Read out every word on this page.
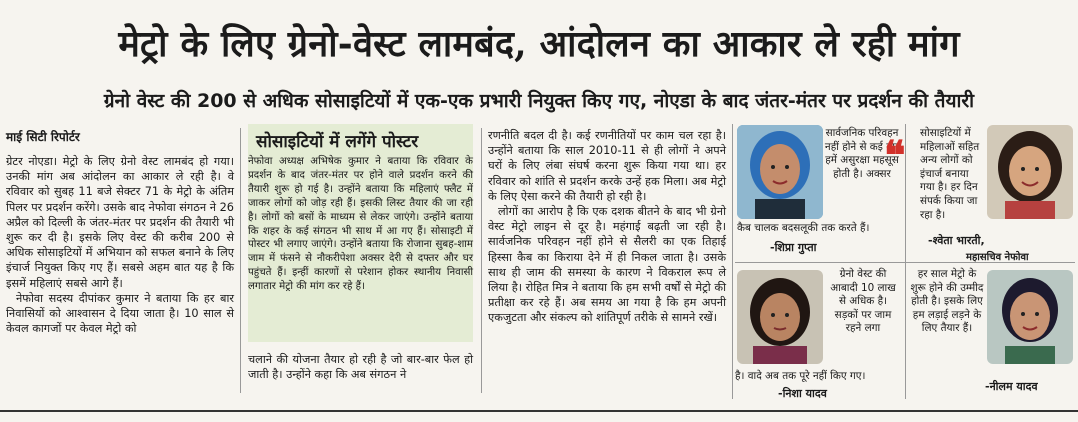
मेट्रो के लिए ग्रेनो-वेस्ट लामबंद, आंदोलन का आकार ले रही मांग
ग्रेनो वेस्ट की 200 से अधिक सोसाइटियों में एक-एक प्रभारी नियुक्त किए गए, नोएडा के बाद जंतर-मंतर पर प्रदर्शन की तैयारी
माई सिटी रिपोर्टर

ग्रेटर नोएडा। मेट्रो के लिए ग्रेनो वेस्ट लामबंद हो गया। उनकी मांग अब आंदोलन का आकार ले रही है। वे रविवार को सुबह 11 बजे सेक्टर 71 के मेट्रो के अंतिम पिलर पर प्रदर्शन करेंगे। उसके बाद नेफोवा संगठन ने 26 अप्रैल को दिल्ली के जंतर-मंतर पर प्रदर्शन की तैयारी भी शुरू कर दी है। इसके लिए वेस्ट की करीब 200 से अधिक सोसाइटियों में अभियान को सफल बनाने के लिए इंचार्ज नियुक्त किए गए हैं। सबसे अहम बात यह है कि इसमें महिलाएं सबसे आगे हैं।

नेफोवा सदस्य दीपांकर कुमार ने बताया कि हर बार निवासियों को आश्वासन दे दिया जाता है। 10 साल से केवल कागजों पर केवल मेट्रो को

सोसाइटियों में लगेंगे पोस्टर

नेफोवा अध्यक्ष अभिषेक कुमार ने बताया कि रविवार के प्रदर्शन के बाद जंतर-मंतर पर होने वाले प्रदर्शन करने की तैयारी शुरू हो गई है। उन्होंने बताया कि महिलाएं फ्लैट में जाकर लोगों को जोड़ रही हैं। इसकी लिस्ट तैयार की जा रही है। लोगों को बसों के माध्यम से लेकर जाएंगे। उन्होंने बताया कि शहर के कई संगठन भी साथ में आ गए हैं। सोसाइटी में पोस्टर भी लगाए जाएंगे। उन्होंने बताया कि रोजाना सुबह-शाम जाम में फंसने से नौकरीपेशा अक्सर देरी से दफ्तर और घर पहुंचते हैं। इन्हीं कारणों से परेशान होकर स्थानीय निवासी लगातार मेट्रो की मांग कर रहे हैं।

चलाने की योजना तैयार हो रही है जो बार-बार फेल हो जाती है। उन्होंने कहा कि अब संगठन ने

रणनीति बदल दी है। कई रणनीतियों पर काम चल रहा है। उन्होंने बताया कि साल 2010-11 से ही लोगों ने अपने घरों के लिए लंबा संघर्ष करना शुरू किया गया था। हर रविवार को शांति से प्रदर्शन करके उन्हें हक मिला। अब मेट्रो के लिए ऐसा करने की तैयारी हो रही है।

लोगों का आरोप है कि एक दशक बीतने के बाद भी ग्रेनो वेस्ट मेट्रो लाइन से दूर है। महंगाई बढ़ती जा रही है। सार्वजनिक परिवहन नहीं होने से सैलरी का एक तिहाई हिस्सा कैब का किराया देने में ही निकल जाता है। उसके साथ ही जाम की समस्या के कारण ने विकराल रूप ले लिया है। रोहित मित्र ने बताया कि हम सभी वर्षों से मेट्रो की प्रतीक्षा कर रहे हैं। अब समय आ गया है कि हम अपनी एकजुटता और संकल्प को शांतिपूर्ण तरीके से सामने रखें।

सार्वजनिक परिवहन नहीं होने से कई बार हमें असुरक्षा महसूस होती है। अक्सर
कैब चालक बदसलूकी तक करते हैं।
-शिप्रा गुप्ता
❝ सोसाइटियों में महिलाओं सहित अन्य लोगों को इंचार्ज बनाया गया है। हर दिन संपर्क किया जा रहा है।
-श्वेता भारती,
महासचिव नेफोवा
ग्रेनो वेस्ट की आबादी 10 लाख से अधिक है। सड़कों पर जाम रहने लगा
है। वादे अब तक पूरे नहीं किए गए।
-निशा यादव
हर साल मेट्रो के शुरू होने की उम्मीद होती है। इसके लिए हम लड़ाई लड़ने के लिए तैयार हैं।
-नीलम यादव
